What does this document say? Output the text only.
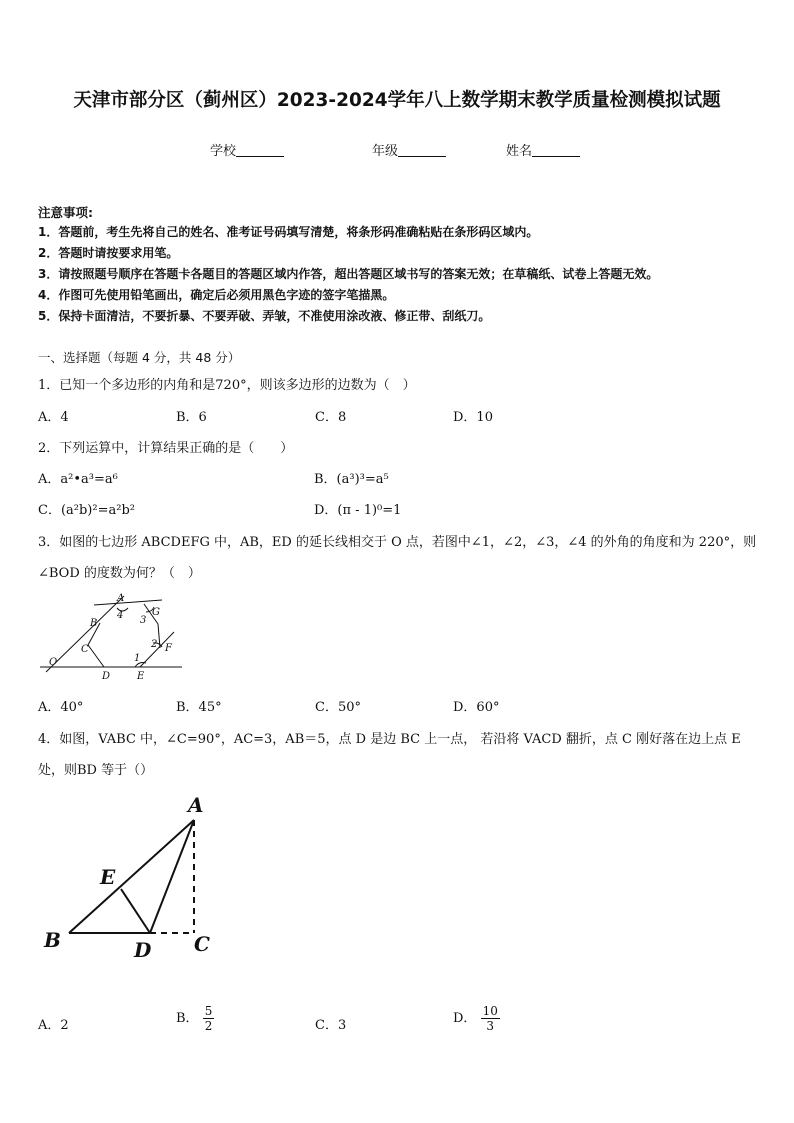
天津市部分区（蓟州区）2023-2024学年八上数学期末教学质量检测模拟试题
学校	年级	姓名
注意事项:
1．答题前，考生先将自己的姓名、准考证号码填写清楚，将条形码准确粘贴在条形码区域内。
2．答题时请按要求用笔。
3．请按照题号顺序在答题卡各题目的答题区域内作答，超出答题区域书写的答案无效；在草稿纸、试卷上答题无效。
4．作图可先使用铅笔画出，确定后必须用黑色字迹的签字笔描黑。
5．保持卡面清洁，不要折暴、不要弄破、弄皱，不准使用涂改液、修正带、刮纸刀。
一、选择题（每题 4 分，共 48 分）
1．已知一个多边形的内角和是720°，则该多边形的边数为（　）
A．4	B．6	C．8	D．10
2．下列运算中，计算结果正确的是（　　）
A．a²•a³=a⁶	B．(a³)³=a⁵
C．(a²b)²=a²b²	D．(π - 1)⁰=1
3．如图的七边形 ABCDEFG 中，AB，ED 的延长线相交于 O 点，若图中∠1，∠2，∠3，∠4 的外角的角度和为 220°，则
∠BOD 的度数为何？（　）
A
G
B
4 3
C	2 F
O	1
D	E
A．40°	B．45°	C．50°	D．60°
4．如图，VABC 中，∠C=90°，AC=3，AB＝5，点 D 是边 BC 上一点， 若沿将 VACD 翻折，点 C 刚好落在边上点 E
处，则BD 等于（）
A
E
B	D C
A．2	B． $\frac{5}{2}$	C．3	D． $\frac{10}{3}$
